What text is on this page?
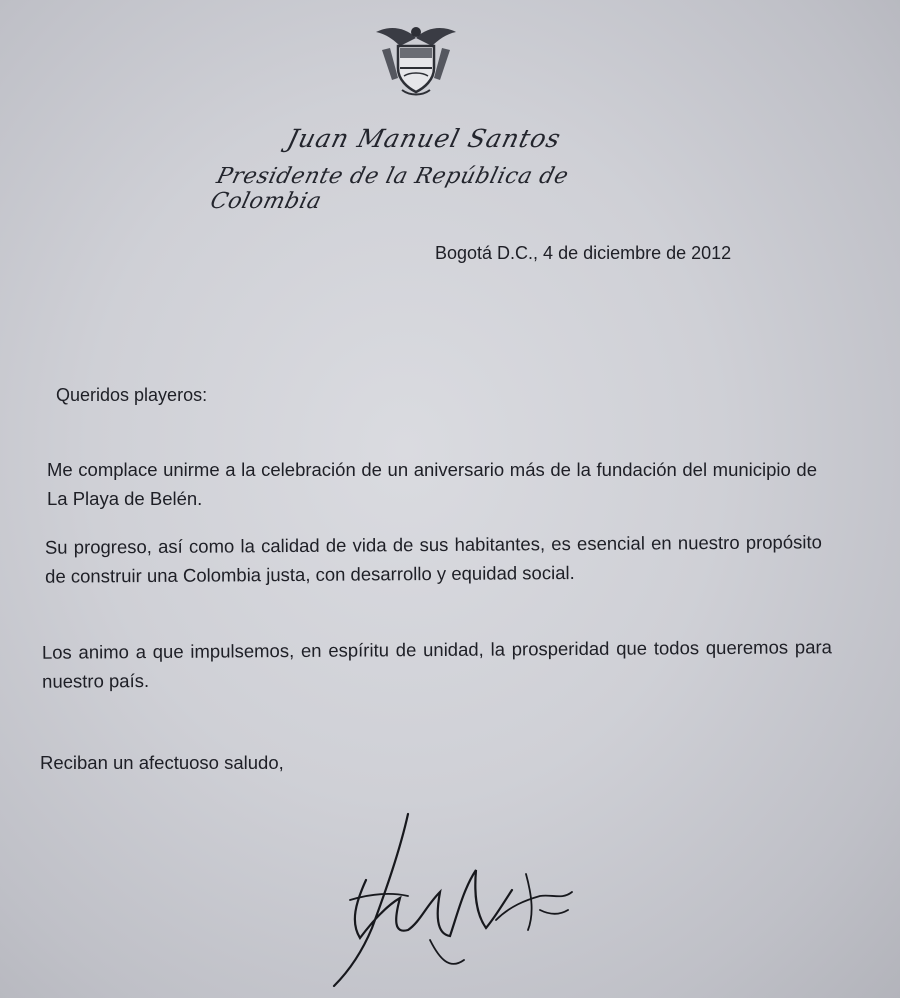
Juan Manuel Santos
Presidente de la República de Colombia
Bogotá D.C., 4 de diciembre de 2012
Queridos playeros:
Me complace unirme a la celebración de un aniversario más de la fundación del municipio de La Playa de Belén.
Su progreso, así como la calidad de vida de sus habitantes, es esencial en nuestro propósito de construir una Colombia justa, con desarrollo y equidad social.
Los animo a que impulsemos, en espíritu de unidad, la prosperidad que todos queremos para nuestro país.
Reciban un afectuoso saludo,
